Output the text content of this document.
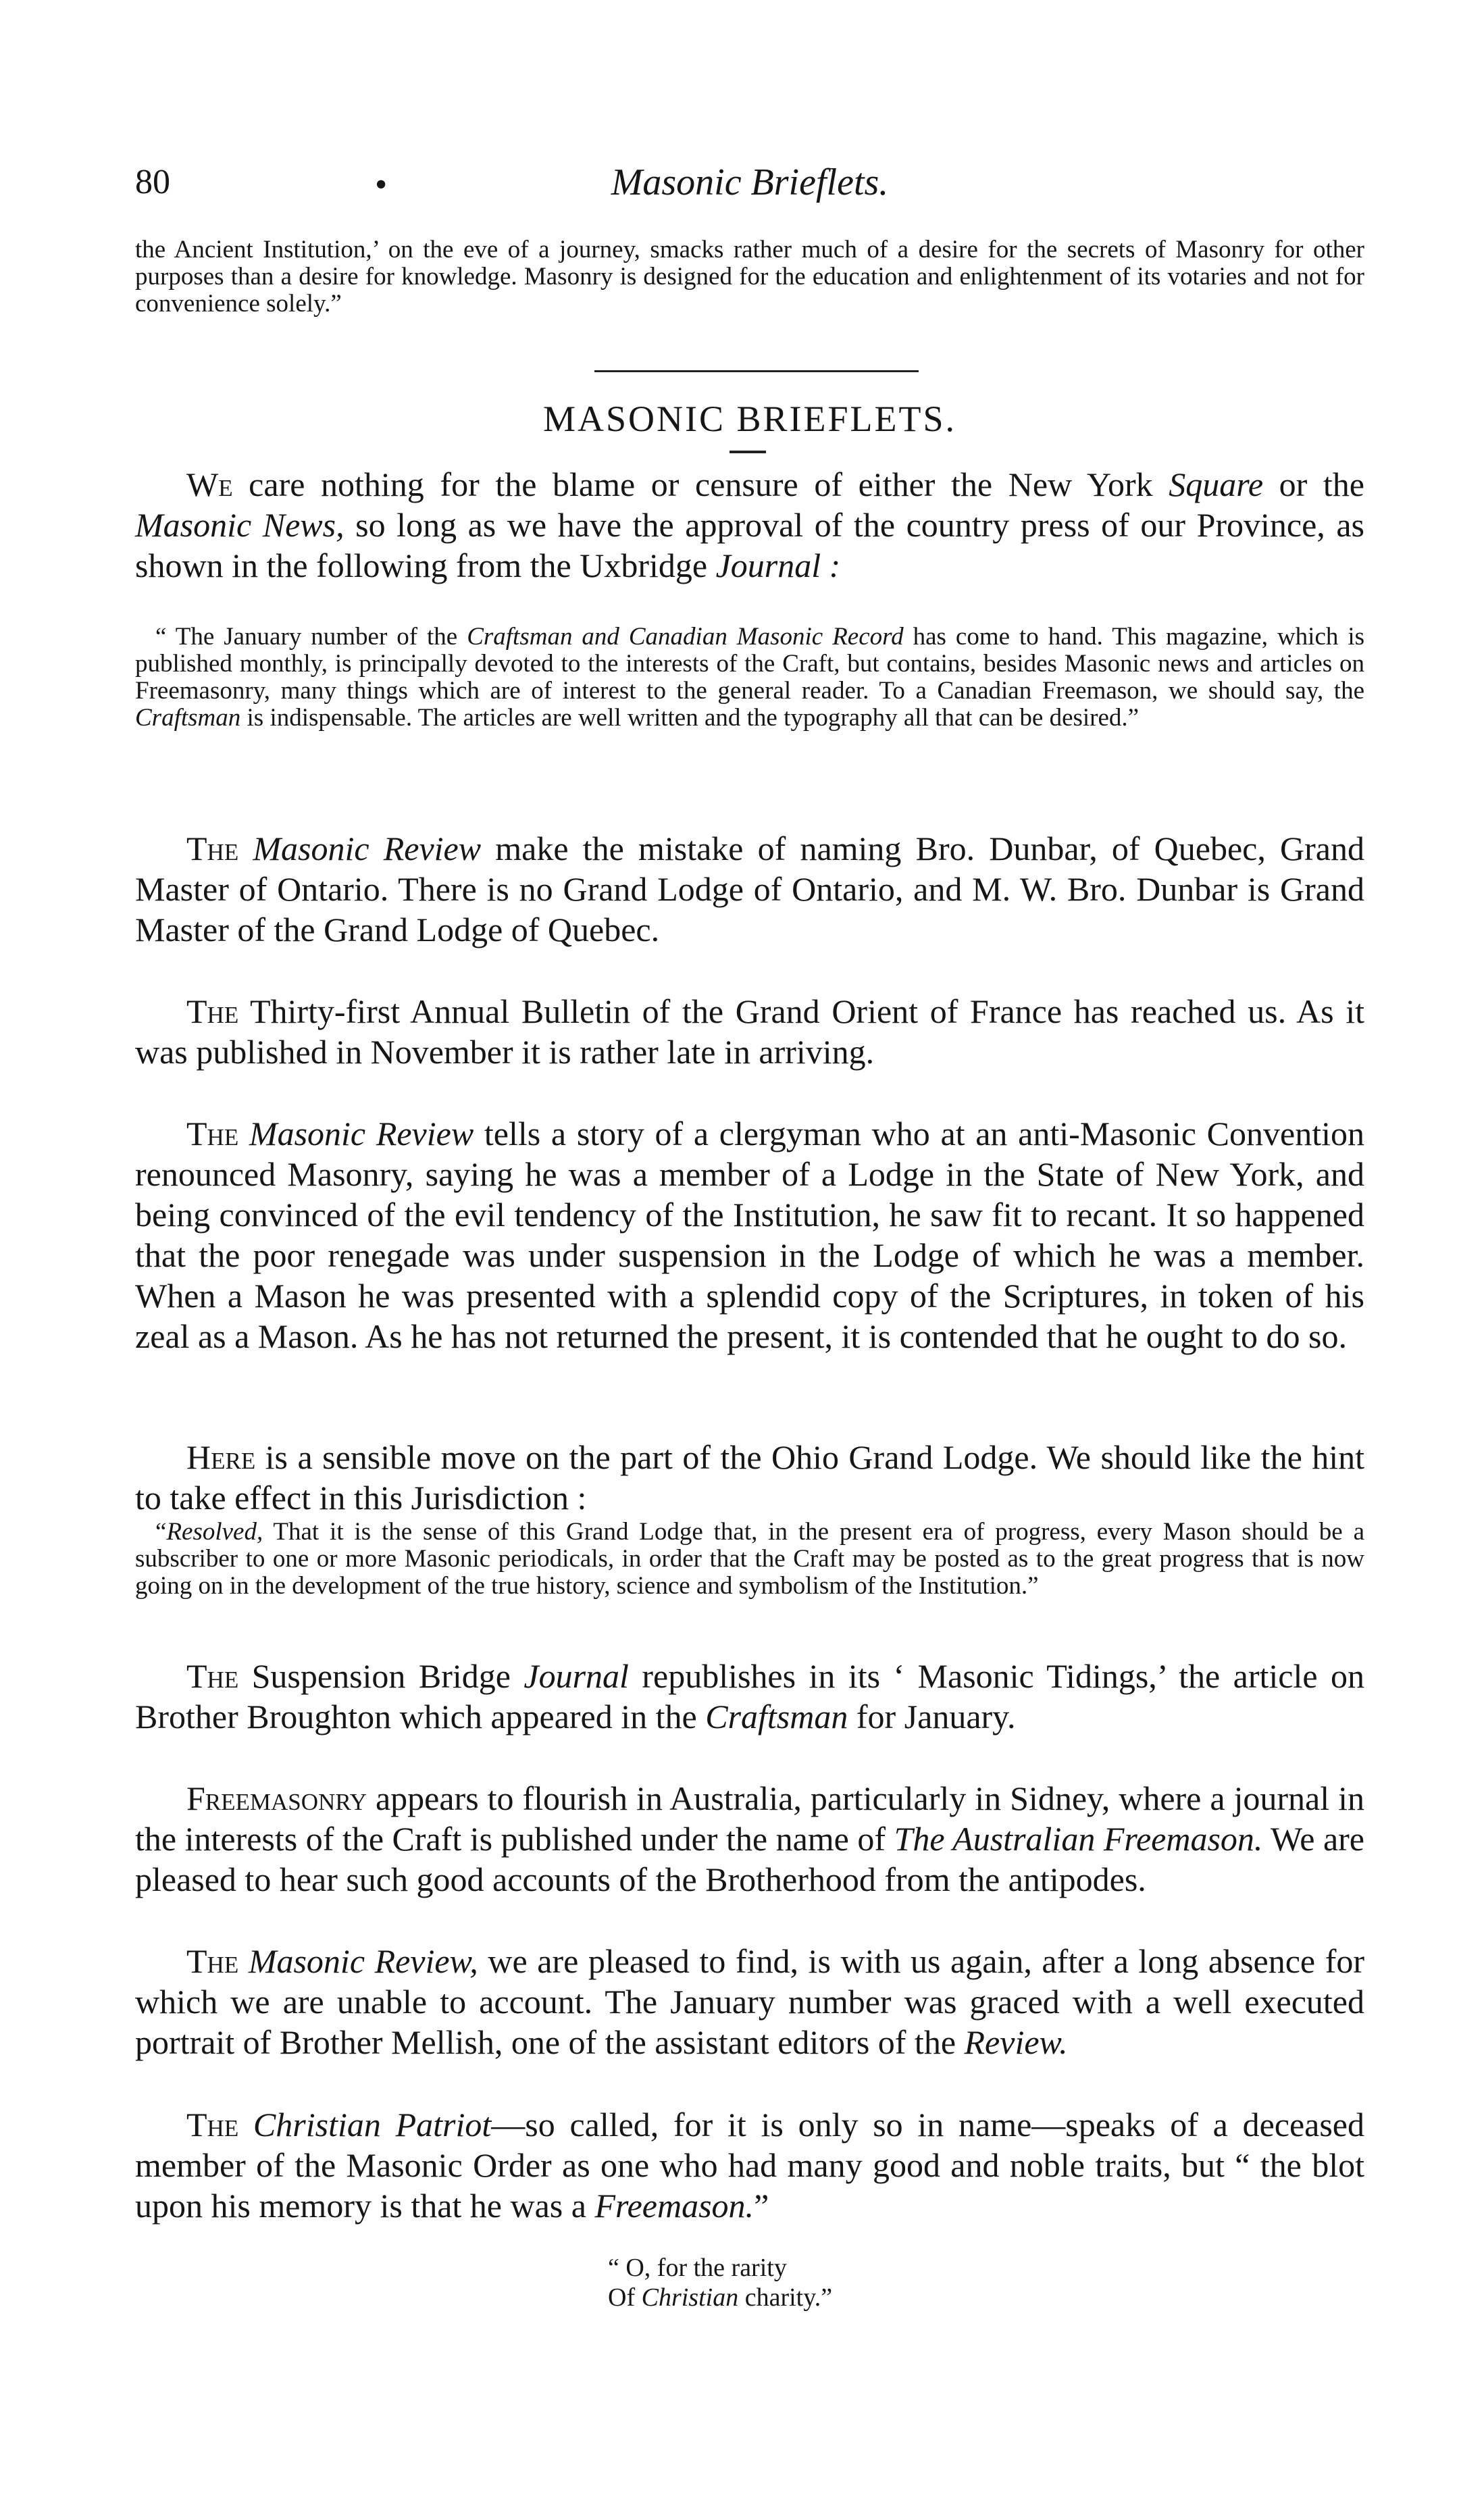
80	•	Masonic Brieflets.

the Ancient Institution,’ on the eve of a journey, smacks rather much of a desire for the secrets of Masonry for other purposes than a desire for knowledge. Masonry is designed for the education and enlightenment of its votaries and not for convenience solely.”

MASONIC BRIEFLETS.

We care nothing for the blame or censure of either the New York Square or the Masonic News, so long as we have the approval of the country press of our Province, as shown in the following from the Uxbridge Journal :

“ The January number of the Craftsman and Canadian Masonic Record has come to hand. This magazine, which is published monthly, is principally devoted to the interests of the Craft, but contains, besides Masonic news and articles on Freemasonry, many things which are of interest to the general reader. To a Canadian Freemason, we should say, the Craftsman is indispensable. The articles are well written and the typography all that can be desired.”

The Masonic Review make the mistake of naming Bro. Dunbar, of Quebec, Grand Master of Ontario. There is no Grand Lodge of Ontario, and M. W. Bro. Dunbar is Grand Master of the Grand Lodge of Quebec.

The Thirty-first Annual Bulletin of the Grand Orient of France has reached us. As it was published in November it is rather late in arriving.

The Masonic Review tells a story of a clergyman who at an anti-Masonic Convention renounced Masonry, saying he was a member of a Lodge in the State of New York, and being convinced of the evil tendency of the Institution, he saw fit to recant. It so happened that the poor renegade was under suspension in the Lodge of which he was a member. When a Mason he was presented with a splendid copy of the Scriptures, in token of his zeal as a Mason. As he has not returned the present, it is contended that he ought to do so.

Here is a sensible move on the part of the Ohio Grand Lodge. We should like the hint to take effect in this Jurisdiction :

“Resolved, That it is the sense of this Grand Lodge that, in the present era of progress, every Mason should be a subscriber to one or more Masonic periodicals, in order that the Craft may be posted as to the great progress that is now going on in the development of the true history, science and symbolism of the Institution.”

The Suspension Bridge Journal republishes in its ‘ Masonic Tidings,’ the article on Brother Broughton which appeared in the Craftsman for January.

Freemasonry appears to flourish in Australia, particularly in Sidney, where a journal in the interests of the Craft is published under the name of The Australian Freemason. We are pleased to hear such good accounts of the Brotherhood from the antipodes.

The Masonic Review, we are pleased to find, is with us again, after a long absence for which we are unable to account. The January number was graced with a well executed portrait of Brother Mellish, one of the assistant editors of the Review.

The Christian Patriot—so called, for it is only so in name—speaks of a deceased member of the Masonic Order as one who had many good and noble traits, but “ the blot upon his memory is that he was a Freemason.”

“ O, for the rarity

Of Christian charity.”
